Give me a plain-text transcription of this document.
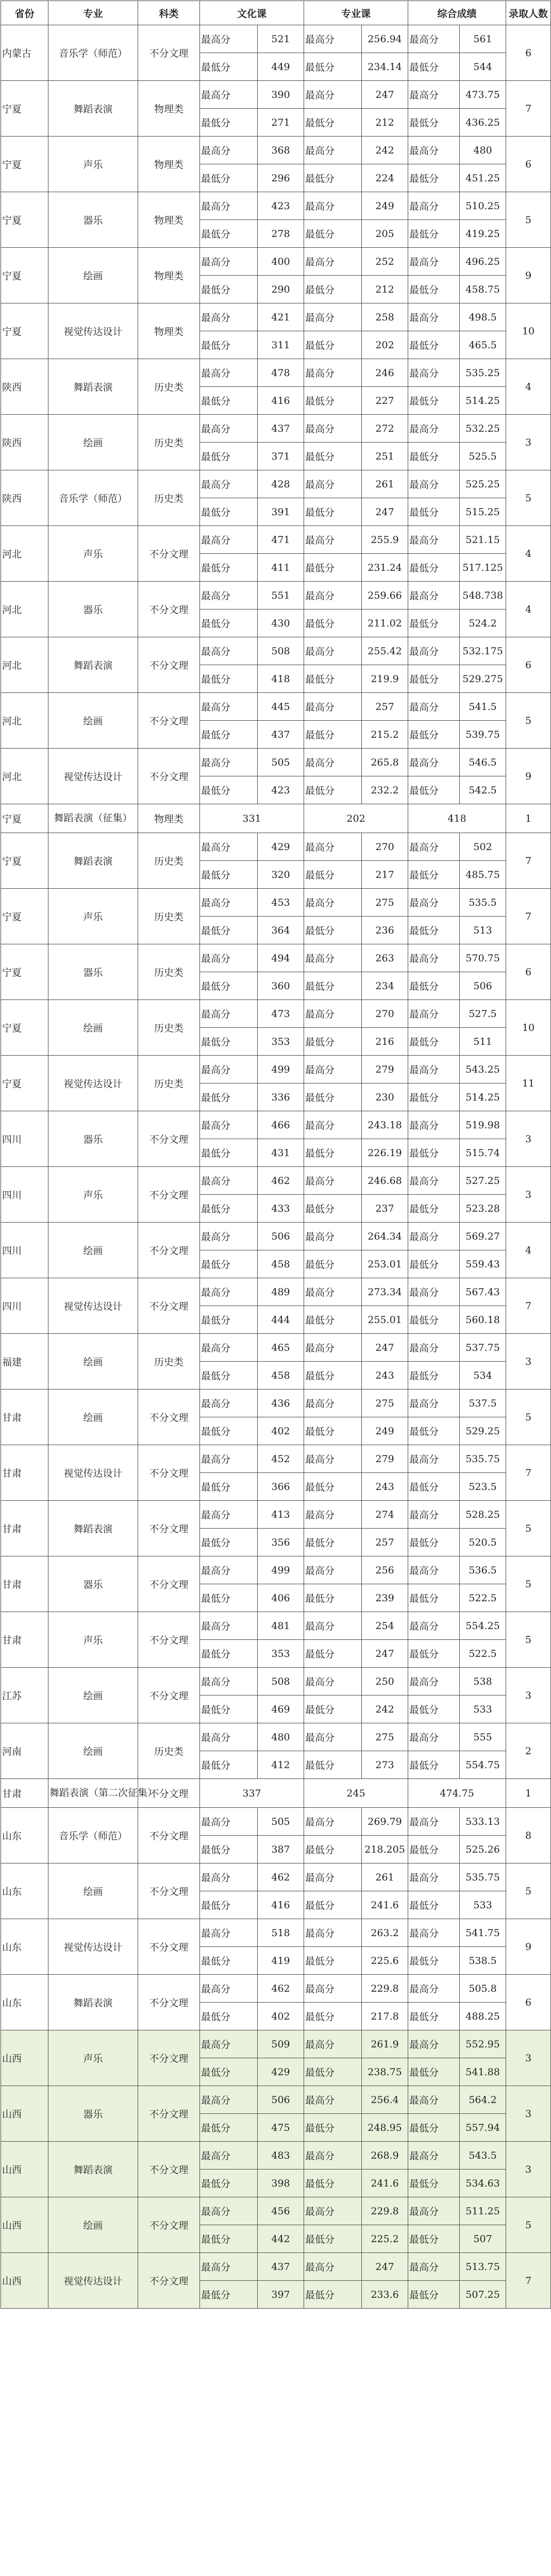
省份	专业	科类	文化课		专业课		综合成绩		录取人数
内蒙古	音乐学（师范）	不分文理	最高分	521	最高分	256.94	最高分	561	6
			最低分	449	最低分	234.14	最低分	544	
宁夏	舞蹈表演	物理类	最高分	390	最高分	247	最高分	473.75	7
			最低分	271	最低分	212	最低分	436.25	
宁夏	声乐	物理类	最高分	368	最高分	242	最高分	480	6
			最低分	296	最低分	224	最低分	451.25	
宁夏	器乐	物理类	最高分	423	最高分	249	最高分	510.25	5
			最低分	278	最低分	205	最低分	419.25	
宁夏	绘画	物理类	最高分	400	最高分	252	最高分	496.25	9
			最低分	290	最低分	212	最低分	458.75	
宁夏	视觉传达设计	物理类	最高分	421	最高分	258	最高分	498.5	10
			最低分	311	最低分	202	最低分	465.5	
陕西	舞蹈表演	历史类	最高分	478	最高分	246	最高分	535.25	4
			最低分	416	最低分	227	最低分	514.25	
陕西	绘画	历史类	最高分	437	最高分	272	最高分	532.25	3
			最低分	371	最低分	251	最低分	525.5	
陕西	音乐学（师范）	历史类	最高分	428	最高分	261	最高分	525.25	5
			最低分	391	最低分	247	最低分	515.25	
河北	声乐	不分文理	最高分	471	最高分	255.9	最高分	521.15	4
			最低分	411	最低分	231.24	最低分	517.125	
河北	器乐	不分文理	最高分	551	最高分	259.66	最高分	548.738	4
			最低分	430	最低分	211.02	最低分	524.2	
河北	舞蹈表演	不分文理	最高分	508	最高分	255.42	最高分	532.175	6
			最低分	418	最低分	219.9	最低分	529.275	
河北	绘画	不分文理	最高分	445	最高分	257	最高分	541.5	5
			最低分	437	最低分	215.2	最低分	539.75	
河北	视觉传达设计	不分文理	最高分	505	最高分	265.8	最高分	546.5	9
			最低分	423	最低分	232.2	最低分	542.5	
宁夏	舞蹈表演（征集）	物理类	331		202		418		1
宁夏	舞蹈表演	历史类	最高分	429	最高分	270	最高分	502	7
			最低分	320	最低分	217	最低分	485.75	
宁夏	声乐	历史类	最高分	453	最高分	275	最高分	535.5	7
			最低分	364	最低分	236	最低分	513	
宁夏	器乐	历史类	最高分	494	最高分	263	最高分	570.75	6
			最低分	360	最低分	234	最低分	506	
宁夏	绘画	历史类	最高分	473	最高分	270	最高分	527.5	10
			最低分	353	最低分	216	最低分	511	
宁夏	视觉传达设计	历史类	最高分	499	最高分	279	最高分	543.25	11
			最低分	336	最低分	230	最低分	514.25	
四川	器乐	不分文理	最高分	466	最高分	243.18	最高分	519.98	3
			最低分	431	最低分	226.19	最低分	515.74	
四川	声乐	不分文理	最高分	462	最高分	246.68	最高分	527.25	3
			最低分	433	最低分	237	最低分	523.28	
四川	绘画	不分文理	最高分	506	最高分	264.34	最高分	569.27	4
			最低分	458	最低分	253.01	最低分	559.43	
四川	视觉传达设计	不分文理	最高分	489	最高分	273.34	最高分	567.43	7
			最低分	444	最低分	255.01	最低分	560.18	
福建	绘画	历史类	最高分	465	最高分	247	最高分	537.75	3
			最低分	458	最低分	243	最低分	534	
甘肃	绘画	不分文理	最高分	436	最高分	275	最高分	537.5	5
			最低分	402	最低分	249	最低分	529.25	
甘肃	视觉传达设计	不分文理	最高分	452	最高分	279	最高分	535.75	7
			最低分	366	最低分	243	最低分	523.5	
甘肃	舞蹈表演	不分文理	最高分	413	最高分	274	最高分	528.25	5
			最低分	356	最低分	257	最低分	520.5	
甘肃	器乐	不分文理	最高分	499	最高分	256	最高分	536.5	5
			最低分	406	最低分	239	最低分	522.5	
甘肃	声乐	不分文理	最高分	481	最高分	254	最高分	554.25	5
			最低分	353	最低分	247	最低分	522.5	
江苏	绘画	不分文理	最高分	508	最高分	250	最高分	538	3
			最低分	469	最低分	242	最低分	533	
河南	绘画	历史类	最高分	480	最高分	275	最高分	555	2
			最低分	412	最低分	273	最低分	554.75	
甘肃	舞蹈表演（第二次征集）	不分文理	337		245		474.75		1
山东	音乐学（师范）	不分文理	最高分	505	最高分	269.79	最高分	533.13	8
			最低分	387	最低分	218.205	最低分	525.26	
山东	绘画	不分文理	最高分	462	最高分	261	最高分	535.75	5
			最低分	416	最低分	241.6	最低分	533	
山东	视觉传达设计	不分文理	最高分	518	最高分	263.2	最高分	541.75	9
			最低分	419	最低分	225.6	最低分	538.5	
山东	舞蹈表演	不分文理	最高分	462	最高分	229.8	最高分	505.8	6
			最低分	402	最低分	217.8	最低分	488.25	
山西	声乐	不分文理	最高分	509	最高分	261.9	最高分	552.95	3
			最低分	429	最低分	238.75	最低分	541.88	
山西	器乐	不分文理	最高分	506	最高分	256.4	最高分	564.2	3
			最低分	475	最低分	248.95	最低分	557.94	
山西	舞蹈表演	不分文理	最高分	483	最高分	268.9	最高分	543.5	3
			最低分	398	最低分	241.6	最低分	534.63	
山西	绘画	不分文理	最高分	456	最高分	229.8	最高分	511.25	5
			最低分	442	最低分	225.2	最低分	507	
山西	视觉传达设计	不分文理	最高分	437	最高分	247	最高分	513.75	7
			最低分	397	最低分	233.6	最低分	507.25	
